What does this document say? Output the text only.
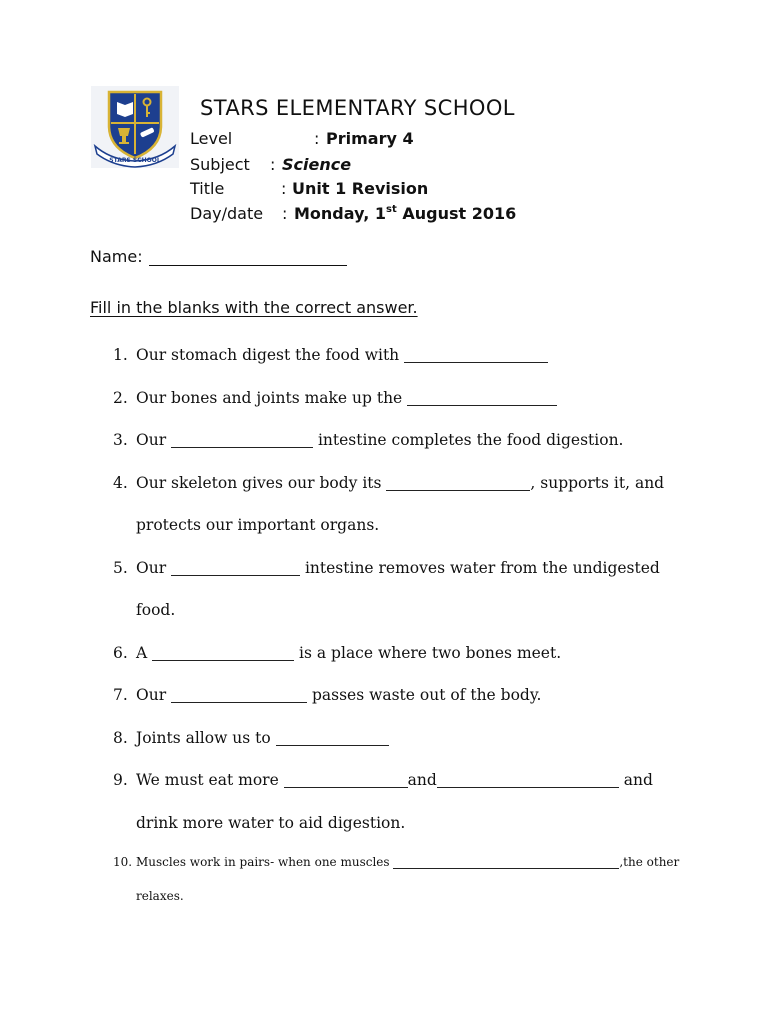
STARS SCHOOL
STARS ELEMENTARY SCHOOL
Level	: Primary 4
Subject : Science
Title	: Unit 1 Revision
Day/date : Monday, 1st August 2016
Name:
Fill in the blanks with the correct answer.
1. Our stomach digest the food with
2. Our bones and joints make up the
3. Our	intestine completes the food digestion.
4. Our skeleton gives our body its	, supports it, and
protects our important organs.
5. Our	intestine removes water from the undigested
food.
6. A	is a place where two bones meet.
7. Our	passes waste out of the body.
8. Joints allow us to
9. We must eat more	and	and
drink more water to aid digestion.
10. Muscles work in pairs- when one muscles	,the other
relaxes.
